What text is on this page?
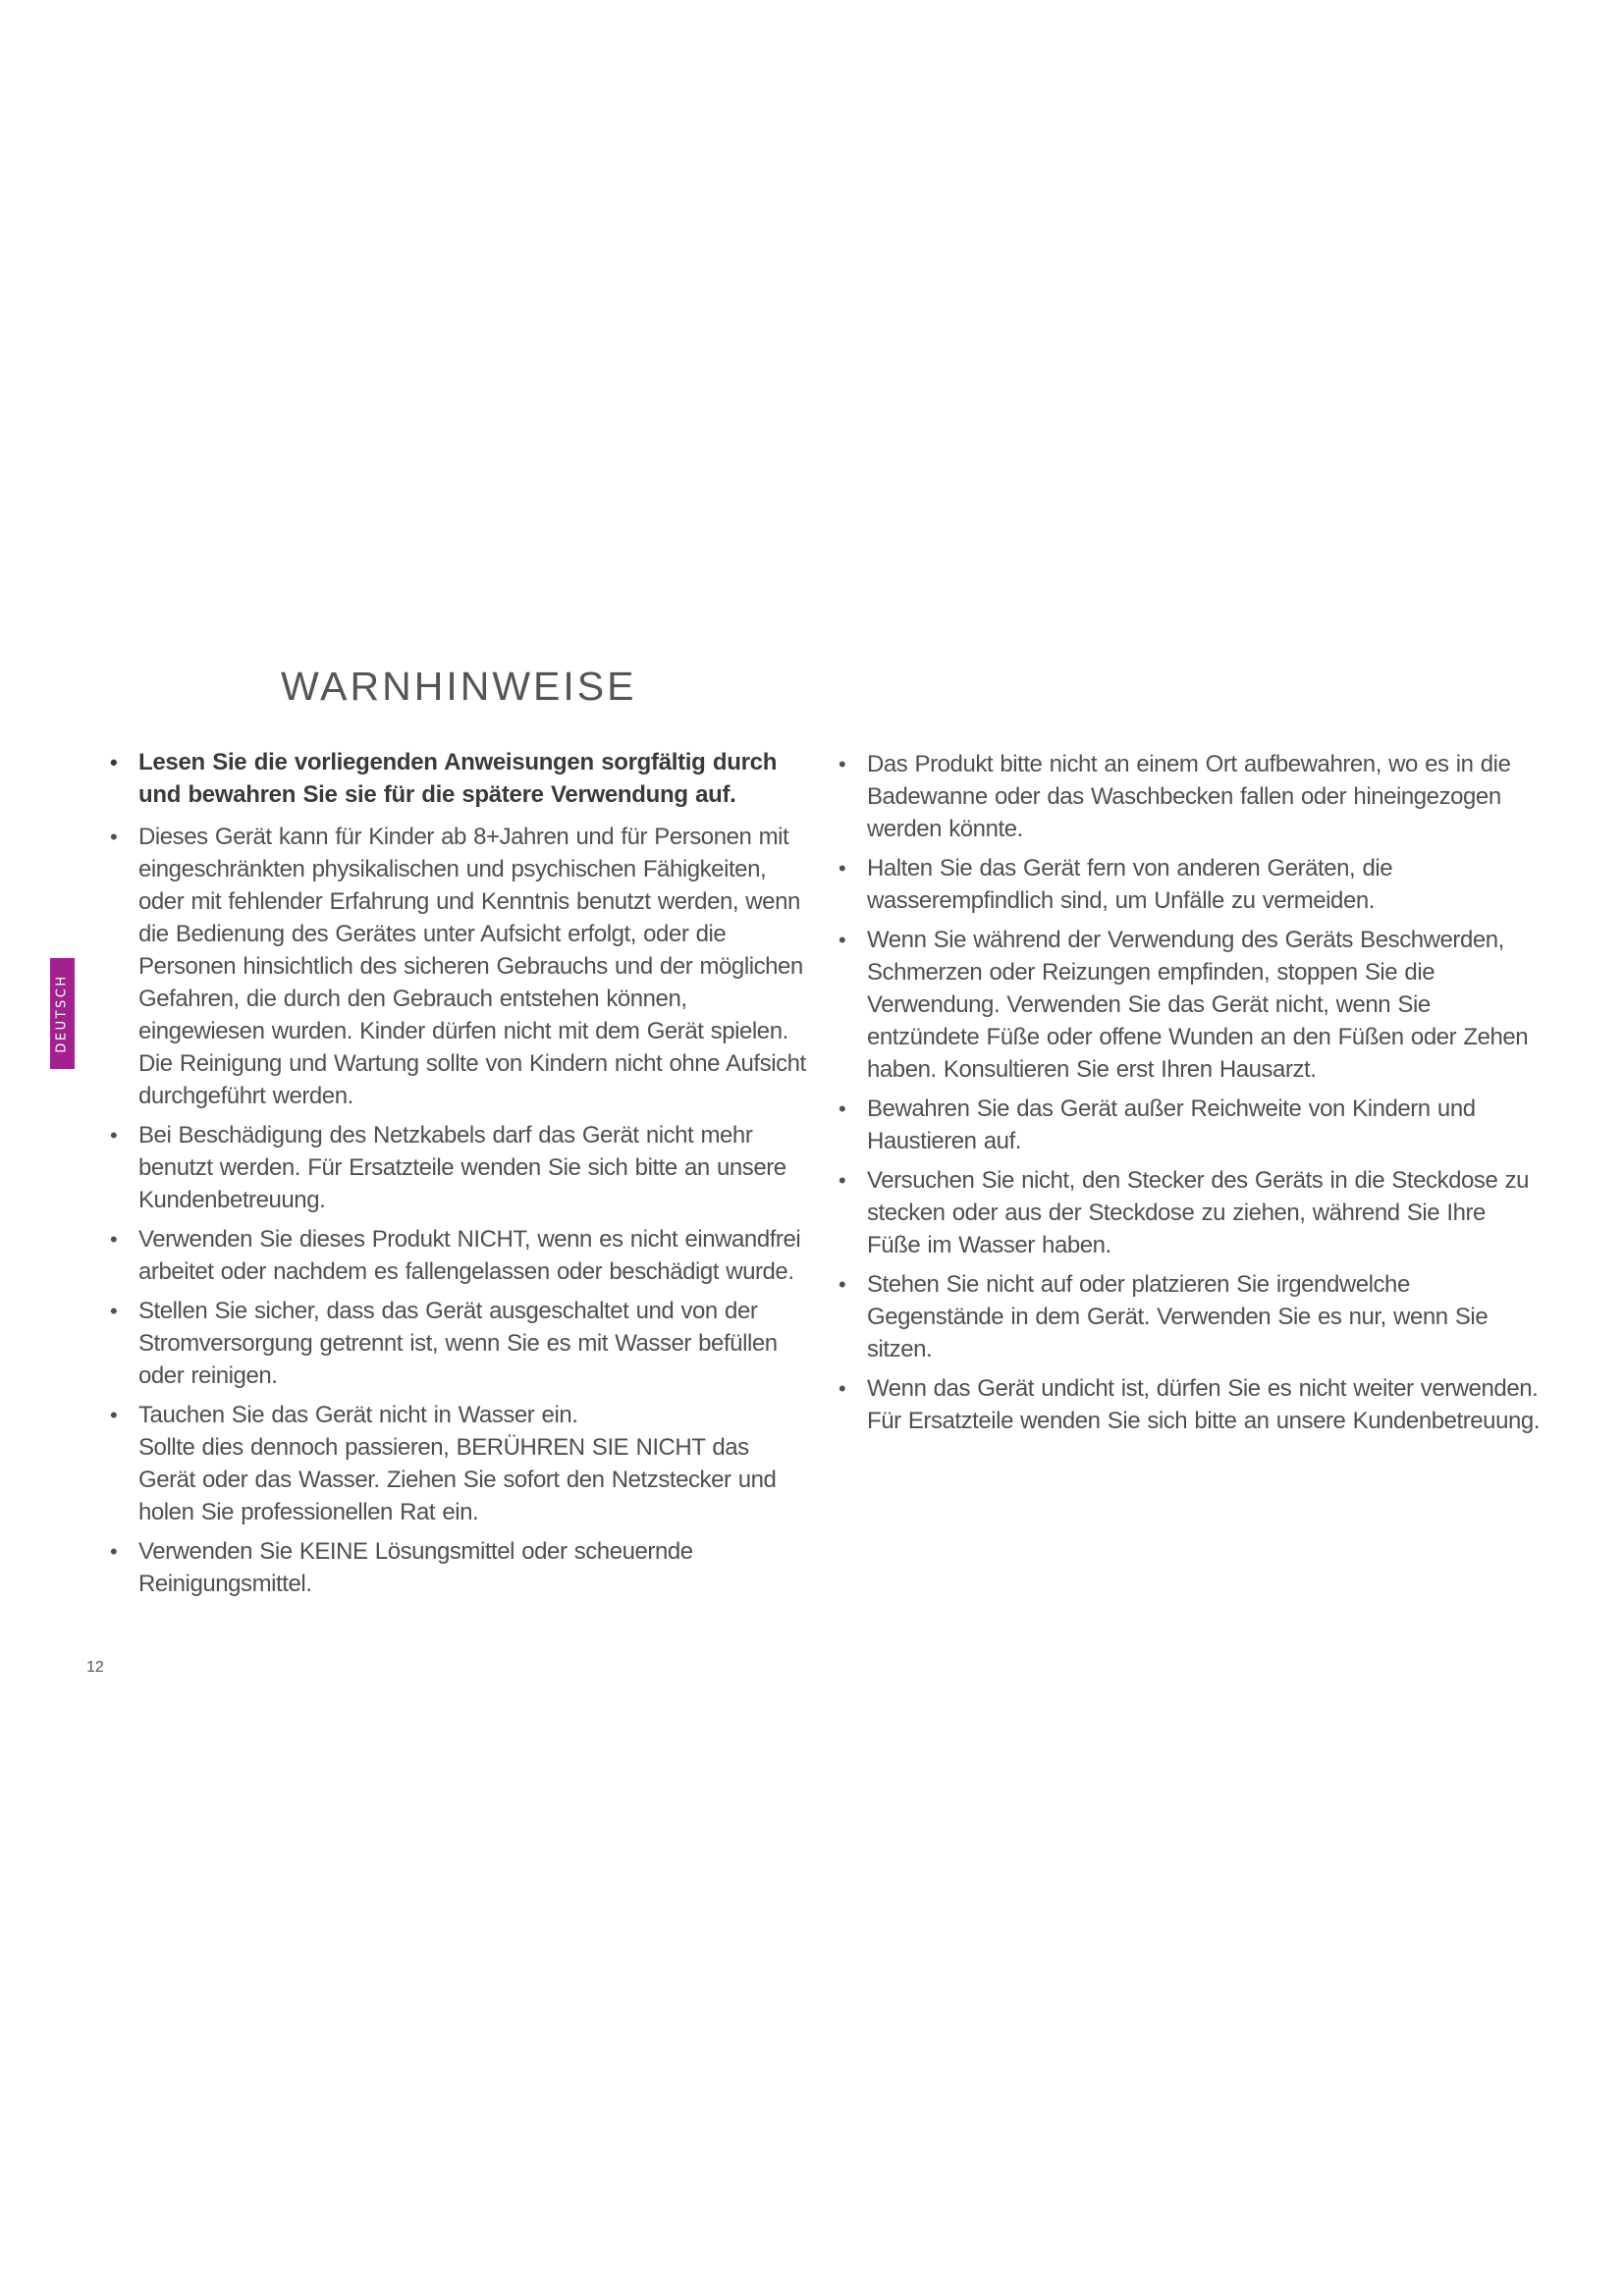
WARNHINWEISE
DEUTSCH
• Lesen Sie die vorliegenden Anweisungen sorgfältig durch und bewahren Sie sie für die spätere Verwendung auf.
• Dieses Gerät kann für Kinder ab 8+Jahren und für Personen mit eingeschränkten physikalischen und psychischen Fähigkeiten, oder mit fehlender Erfahrung und Kenntnis benutzt werden, wenn die Bedienung des Gerätes unter Aufsicht erfolgt, oder die Personen hinsichtlich des sicheren Gebrauchs und der möglichen Gefahren, die durch den Gebrauch entstehen können, eingewiesen wurden. Kinder dürfen nicht mit dem Gerät spielen. Die Reinigung und Wartung sollte von Kindern nicht ohne Aufsicht durchgeführt werden.
• Bei Beschädigung des Netzkabels darf das Gerät nicht mehr benutzt werden. Für Ersatzteile wenden Sie sich bitte an unsere Kundenbetreuung.
• Verwenden Sie dieses Produkt NICHT, wenn es nicht einwandfrei arbeitet oder nachdem es fallengelassen oder beschädigt wurde.
• Stellen Sie sicher, dass das Gerät ausgeschaltet und von der Stromversorgung getrennt ist, wenn Sie es mit Wasser befüllen oder reinigen.
• Tauchen Sie das Gerät nicht in Wasser ein.
Sollte dies dennoch passieren, BERÜHREN SIE NICHT das Gerät oder das Wasser. Ziehen Sie sofort den Netzstecker und holen Sie professionellen Rat ein.
• Verwenden Sie KEINE Lösungsmittel oder scheuernde Reinigungsmittel.
• Das Produkt bitte nicht an einem Ort aufbewahren, wo es in die Badewanne oder das Waschbecken fallen oder hineingezogen werden könnte.
• Halten Sie das Gerät fern von anderen Geräten, die wasserempfindlich sind, um Unfälle zu vermeiden.
• Wenn Sie während der Verwendung des Geräts Beschwerden, Schmerzen oder Reizungen empfinden, stoppen Sie die Verwendung. Verwenden Sie das Gerät nicht, wenn Sie entzündete Füße oder offene Wunden an den Füßen oder Zehen haben. Konsultieren Sie erst Ihren Hausarzt.
• Bewahren Sie das Gerät außer Reichweite von Kindern und Haustieren auf.
• Versuchen Sie nicht, den Stecker des Geräts in die Steckdose zu stecken oder aus der Steckdose zu ziehen, während Sie Ihre Füße im Wasser haben.
• Stehen Sie nicht auf oder platzieren Sie irgendwelche Gegenstände in dem Gerät. Verwenden Sie es nur, wenn Sie sitzen.
• Wenn das Gerät undicht ist, dürfen Sie es nicht weiter verwenden. Für Ersatzteile wenden Sie sich bitte an unsere Kundenbetreuung.
12
